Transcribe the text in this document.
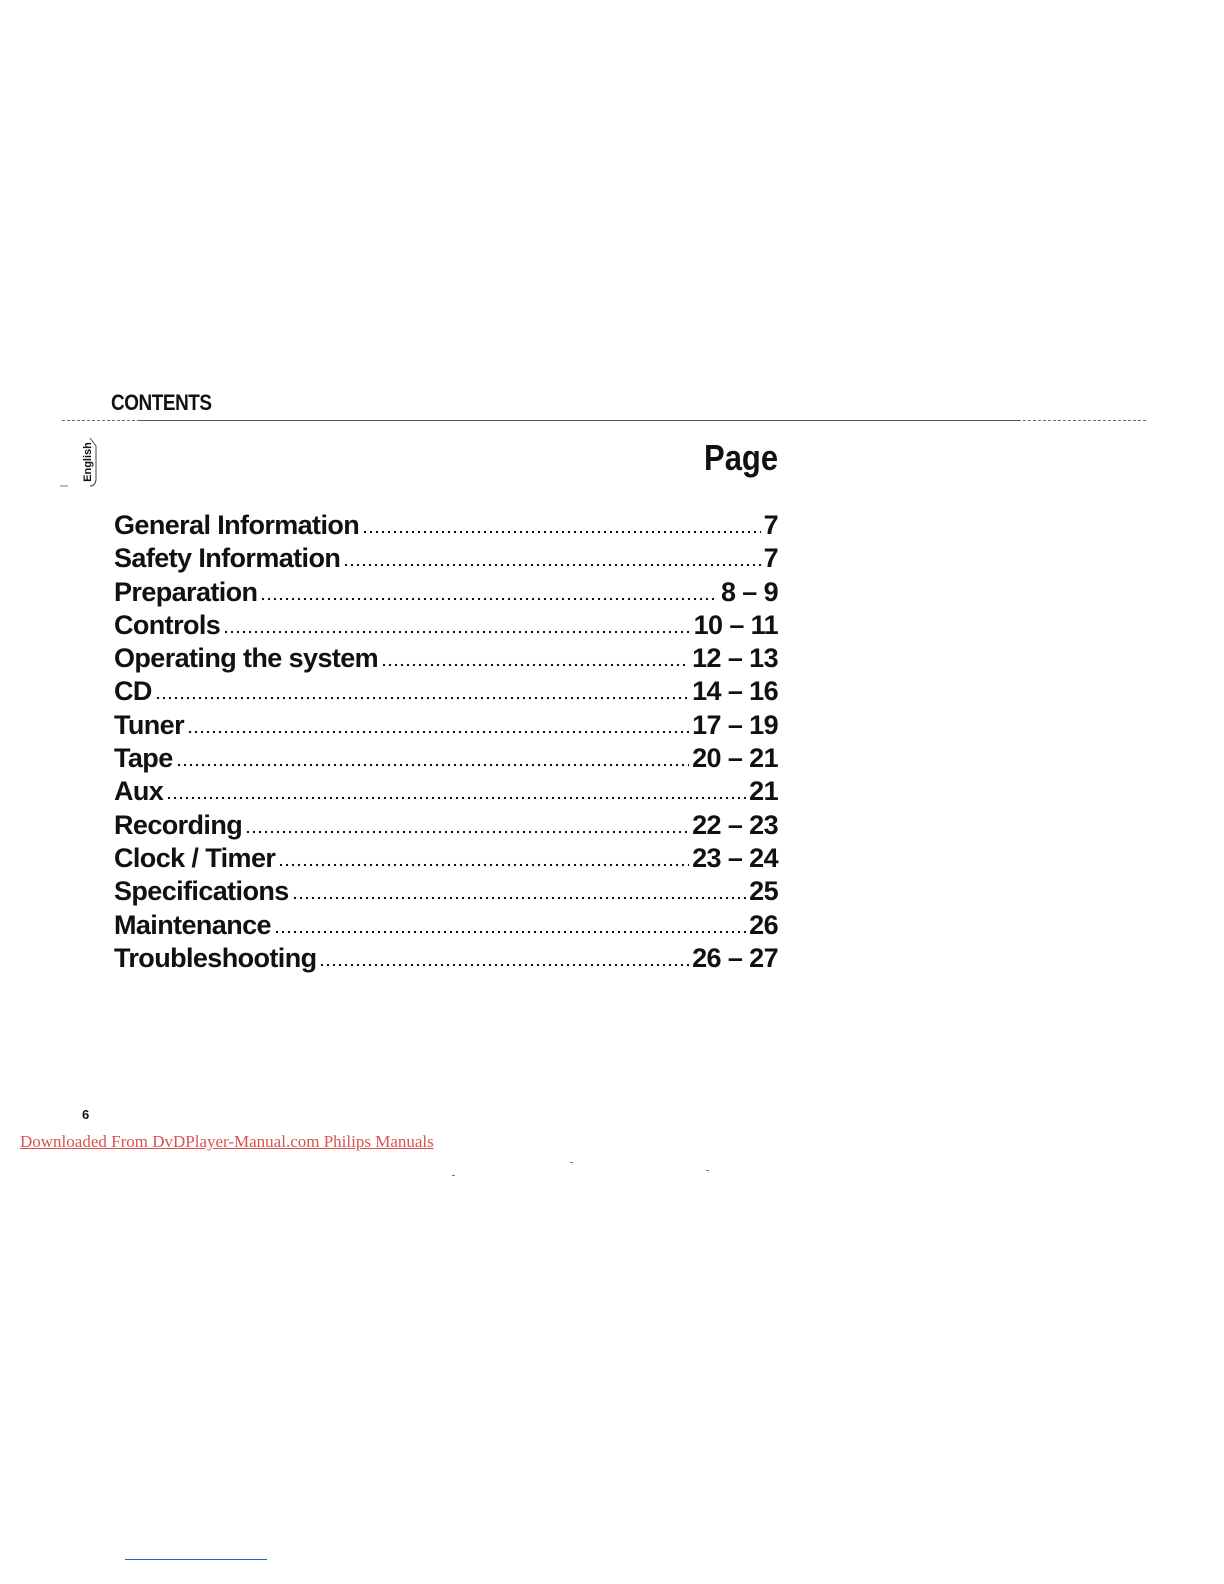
CONTENTS
English	Page
General Information	7
Safety Information	7
Preparation	8 – 9
Controls	10 – 11
Operating the system	12 – 13
CD	14 – 16
Tuner	17 – 19
Tape	20 – 21
Aux	21
Recording	22 – 23
Clock / Timer	23 – 24
Specifications	25
Maintenance	26
Troubleshooting	26 – 27
6
Downloaded From DvDPlayer-Manual.com Philips Manuals
